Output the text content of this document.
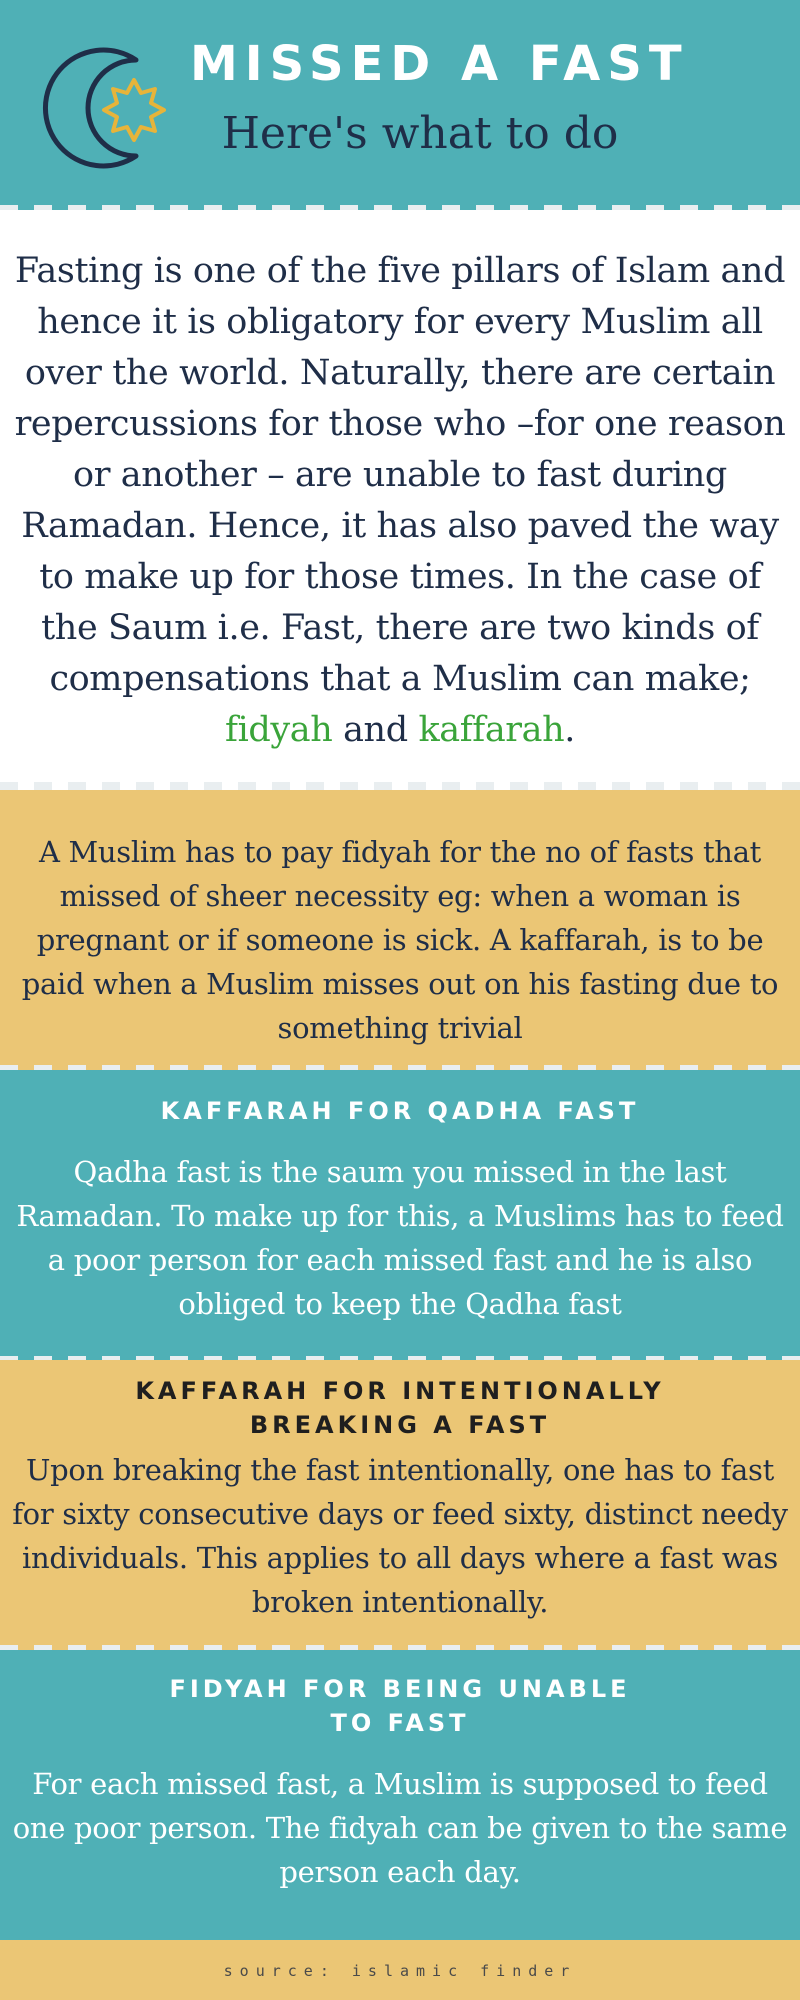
MISSED A FAST
Here's what to do
Fasting is one of the five pillars of Islam and hence it is obligatory for every Muslim all over the world. Naturally, there are certain repercussions for those who –for one reason or another – are unable to fast during Ramadan. Hence, it has also paved the way to make up for those times. In the case of the Saum i.e. Fast, there are two kinds of compensations that a Muslim can make; fidyah and kaffarah.
A Muslim has to pay fidyah for the no of fasts that missed of sheer necessity eg: when a woman is pregnant or if someone is sick. A kaffarah, is to be paid when a Muslim misses out on his fasting due to something trivial
KAFFARAH FOR QADHA FAST
Qadha fast is the saum you missed in the last Ramadan. To make up for this, a Muslims has to feed a poor person for each missed fast and he is also obliged to keep the Qadha fast
KAFFARAH FOR INTENTIONALLY
BREAKING A FAST
Upon breaking the fast intentionally, one has to fast for sixty consecutive days or feed sixty, distinct needy individuals. This applies to all days where a fast was broken intentionally.
FIDYAH FOR BEING UNABLE
TO FAST
For each missed fast, a Muslim is supposed to feed one poor person. The fidyah can be given to the same person each day.
source: islamic finder
